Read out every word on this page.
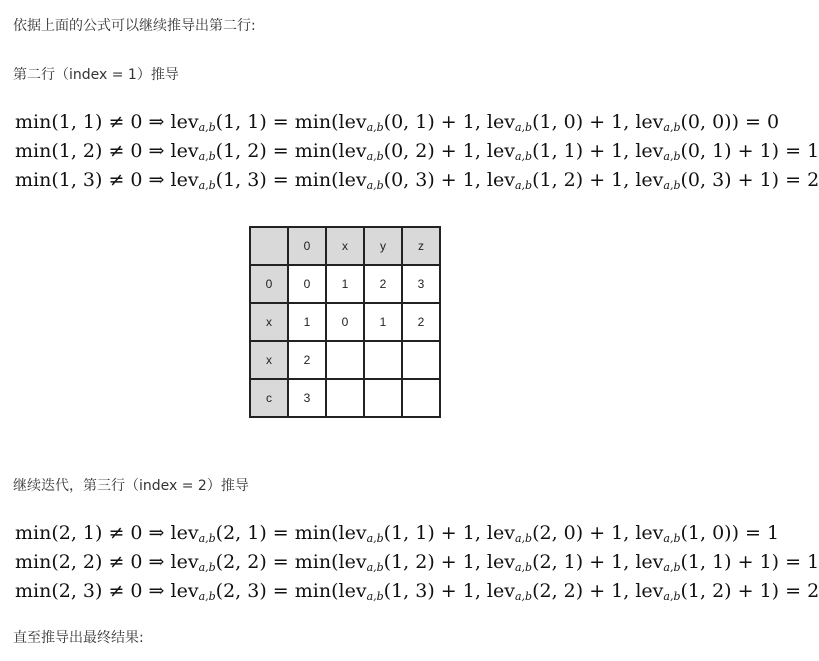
依据上面的公式可以继续推导出第二行:
第二行（index = 1）推导
min(1, 1) ≠ 0 ⇒ lev$_{a,b}$(1, 1) = min(lev$_{a,b}$(0, 1) + 1, lev$_{a,b}$(1, 0) + 1, lev$_{a,b}$(0, 0)) = 0
min(1, 2) ≠ 0 ⇒ lev$_{a,b}$(1, 2) = min(lev$_{a,b}$(0, 2) + 1, lev$_{a,b}$(1, 1) + 1, lev$_{a,b}$(0, 1) + 1) = 1
min(1, 3) ≠ 0 ⇒ lev$_{a,b}$(1, 3) = min(lev$_{a,b}$(0, 3) + 1, lev$_{a,b}$(1, 2) + 1, lev$_{a,b}$(0, 3) + 1) = 2
	0	x	y	z
0	0	1	2	3
x	1	0	1	2
x	2			
c	3			
继续迭代，第三行（index = 2）推导
min(2, 1) ≠ 0 ⇒ lev$_{a,b}$(2, 1) = min(lev$_{a,b}$(1, 1) + 1, lev$_{a,b}$(2, 0) + 1, lev$_{a,b}$(1, 0)) = 1
min(2, 2) ≠ 0 ⇒ lev$_{a,b}$(2, 2) = min(lev$_{a,b}$(1, 2) + 1, lev$_{a,b}$(2, 1) + 1, lev$_{a,b}$(1, 1) + 1) = 1
min(2, 3) ≠ 0 ⇒ lev$_{a,b}$(2, 3) = min(lev$_{a,b}$(1, 3) + 1, lev$_{a,b}$(2, 2) + 1, lev$_{a,b}$(1, 2) + 1) = 2
直至推导出最终结果:
